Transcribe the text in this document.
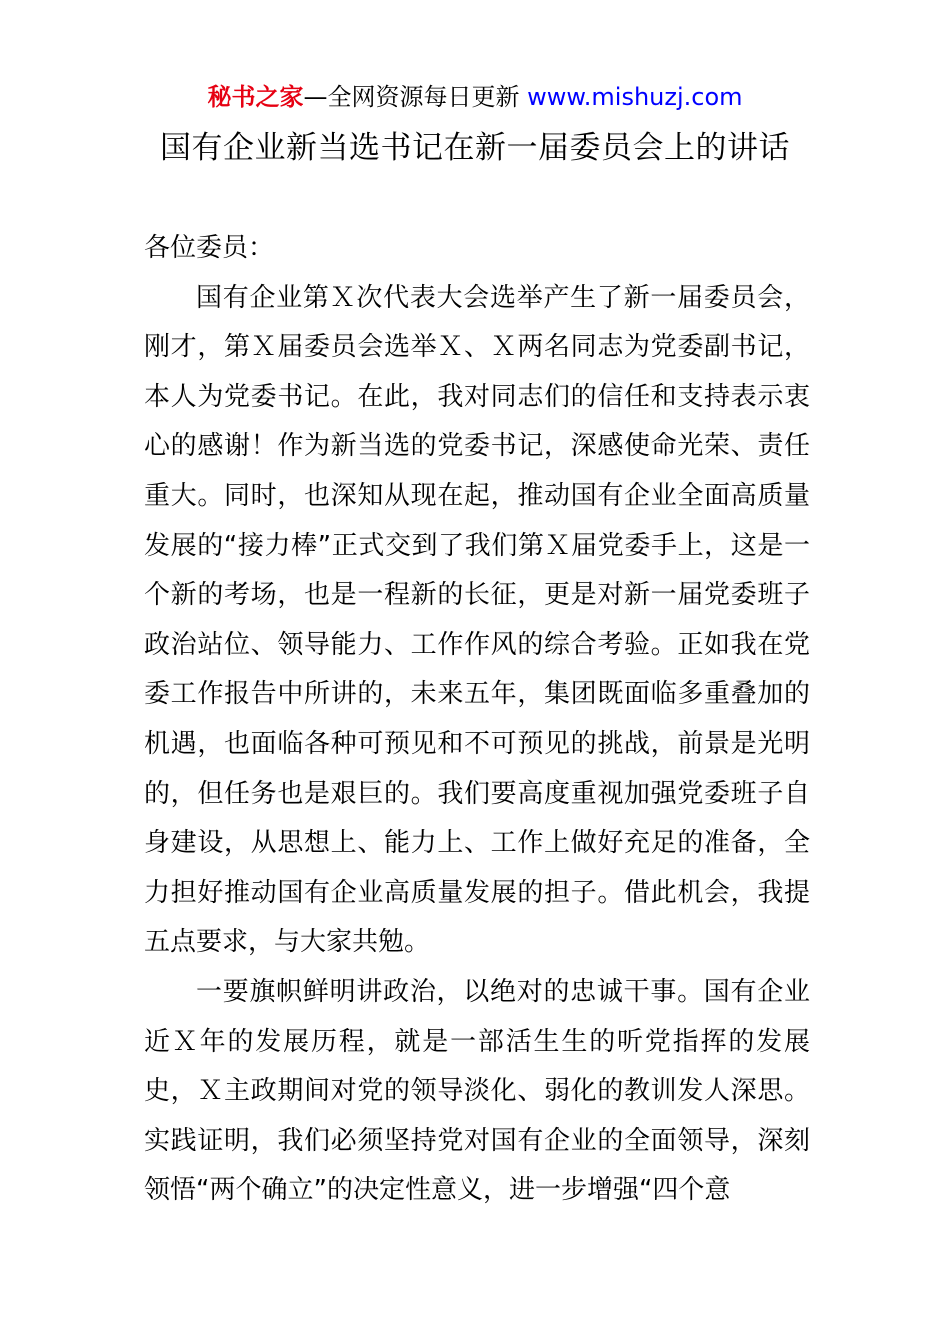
秘书之家—全网资源每日更新 www.mishuzj.com
国有企业新当选书记在新一届委员会上的讲话

各位委员：

国有企业第Ｘ次代表大会选举产生了新一届委员会，刚才，第Ｘ届委员会选举Ｘ、Ｘ两名同志为党委副书记，本人为党委书记。在此，我对同志们的信任和支持表示衷心的感谢！作为新当选的党委书记，深感使命光荣、责任重大。同时，也深知从现在起，推动国有企业全面高质量发展的“接力棒”正式交到了我们第Ｘ届党委手上，这是一个新的考场，也是一程新的长征，更是对新一届党委班子政治站位、领导能力、工作作风的综合考验。正如我在党委工作报告中所讲的，未来五年，集团既面临多重叠加的机遇，也面临各种可预见和不可预见的挑战，前景是光明的，但任务也是艰巨的。我们要高度重视加强党委班子自身建设，从思想上、能力上、工作上做好充足的准备，全力担好推动国有企业高质量发展的担子。借此机会，我提五点要求，与大家共勉。

一要旗帜鲜明讲政治，以绝对的忠诚干事。国有企业近Ｘ年的发展历程，就是一部活生生的听党指挥的发展史，Ｘ主政期间对党的领导淡化、弱化的教训发人深思。实践证明，我们必须坚持党对国有企业的全面领导，深刻领悟“两个确立”的决定性意义，进一步增强“四个意
